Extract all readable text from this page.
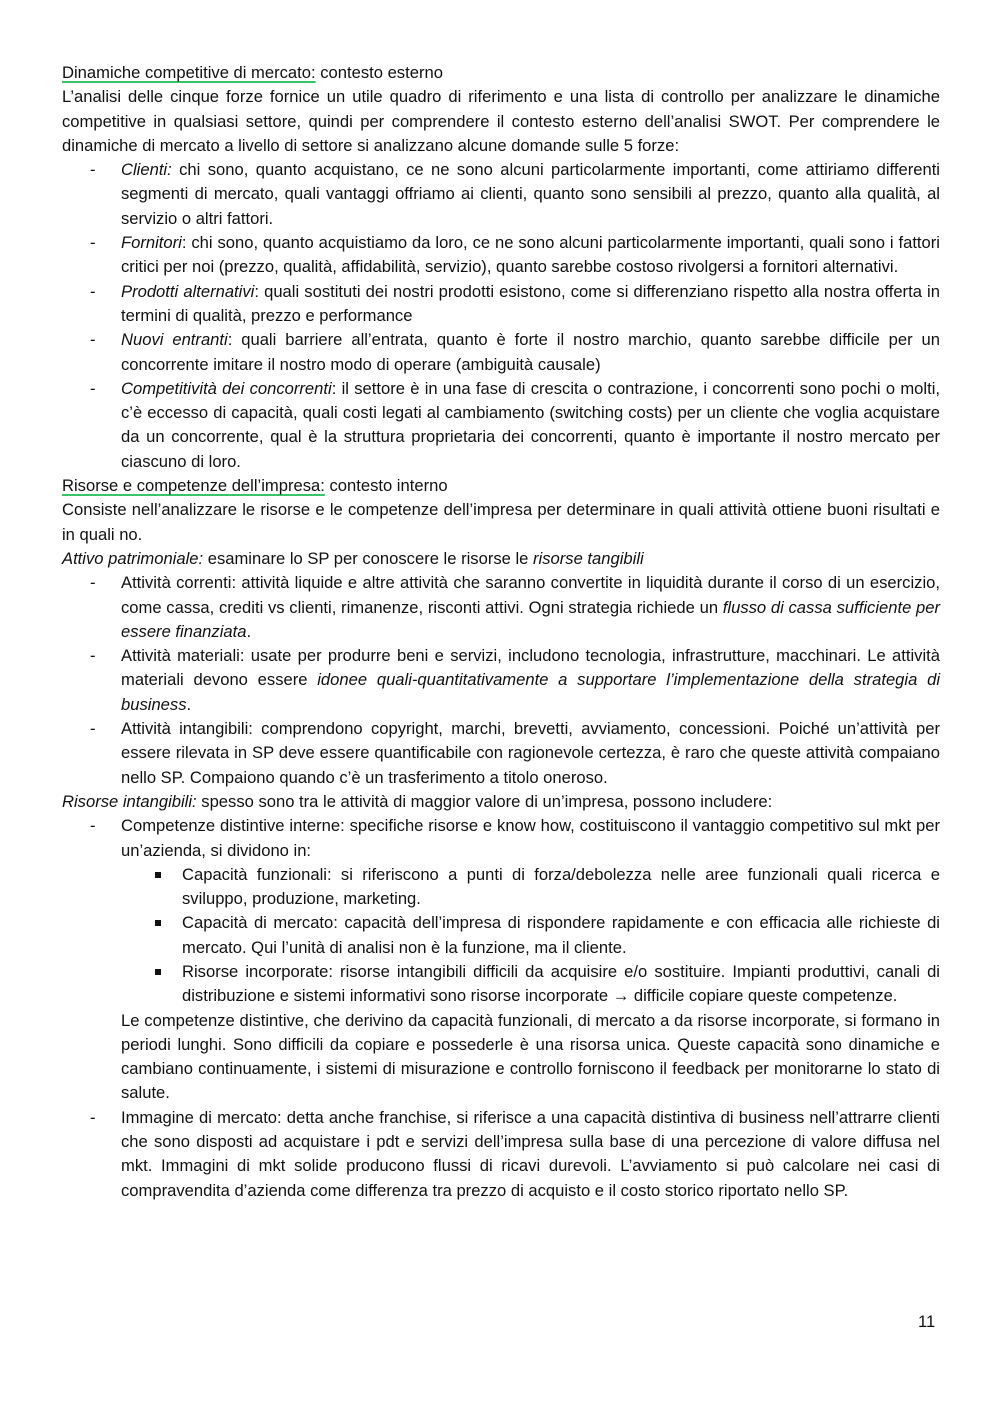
Dinamiche competitive di mercato: contesto esterno

L’analisi delle cinque forze fornice un utile quadro di riferimento e una lista di controllo per analizzare le dinamiche competitive in qualsiasi settore, quindi per comprendere il contesto esterno dell’analisi SWOT. Per comprendere le dinamiche di mercato a livello di settore si analizzano alcune domande sulle 5 forze:

- Clienti: chi sono, quanto acquistano, ce ne sono alcuni particolarmente importanti, come attiriamo differenti segmenti di mercato, quali vantaggi offriamo ai clienti, quanto sono sensibili al prezzo, quanto alla qualità, al servizio o altri fattori.
- Fornitori: chi sono, quanto acquistiamo da loro, ce ne sono alcuni particolarmente importanti, quali sono i fattori critici per noi (prezzo, qualità, affidabilità, servizio), quanto sarebbe costoso rivolgersi a fornitori alternativi.
- Prodotti alternativi: quali sostituti dei nostri prodotti esistono, come si differenziano rispetto alla nostra offerta in termini di qualità, prezzo e performance
- Nuovi entranti: quali barriere all’entrata, quanto è forte il nostro marchio, quanto sarebbe difficile per un concorrente imitare il nostro modo di operare (ambiguità causale)
- Competitività dei concorrenti: il settore è in una fase di crescita o contrazione, i concorrenti sono pochi o molti, c’è eccesso di capacità, quali costi legati al cambiamento (switching costs) per un cliente che voglia acquistare da un concorrente, qual è la struttura proprietaria dei concorrenti, quanto è importante il nostro mercato per ciascuno di loro.

Risorse e competenze dell’impresa: contesto interno

Consiste nell’analizzare le risorse e le competenze dell’impresa per determinare in quali attività ottiene buoni risultati e in quali no.

Attivo patrimoniale: esaminare lo SP per conoscere le risorse le risorse tangibili

- Attività correnti: attività liquide e altre attività che saranno convertite in liquidità durante il corso di un esercizio, come cassa, crediti vs clienti, rimanenze, risconti attivi. Ogni strategia richiede un flusso di cassa sufficiente per essere finanziata.
- Attività materiali: usate per produrre beni e servizi, includono tecnologia, infrastrutture, macchinari. Le attività materiali devono essere idonee quali-quantitativamente a supportare l’implementazione della strategia di business.
- Attività intangibili: comprendono copyright, marchi, brevetti, avviamento, concessioni. Poiché un’attività per essere rilevata in SP deve essere quantificabile con ragionevole certezza, è raro che queste attività compaiano nello SP. Compaiono quando c’è un trasferimento a titolo oneroso.

Risorse intangibili: spesso sono tra le attività di maggior valore di un’impresa, possono includere:

- Competenze distintive interne: specifiche risorse e know how, costituiscono il vantaggio competitivo sul mkt per un’azienda, si dividono in:
Capacità funzionali: si riferiscono a punti di forza/debolezza nelle aree funzionali quali ricerca e sviluppo, produzione, marketing.
Capacità di mercato: capacità dell’impresa di rispondere rapidamente e con efficacia alle richieste di mercato. Qui l’unità di analisi non è la funzione, ma il cliente.
Risorse incorporate: risorse intangibili difficili da acquisire e/o sostituire. Impianti produttivi, canali di distribuzione e sistemi informativi sono risorse incorporate → difficile copiare queste competenze.

Le competenze distintive, che derivino da capacità funzionali, di mercato a da risorse incorporate, si formano in periodi lunghi. Sono difficili da copiare e possederle è una risorsa unica. Queste capacità sono dinamiche e cambiano continuamente, i sistemi di misurazione e controllo forniscono il feedback per monitorarne lo stato di salute.

- Immagine di mercato: detta anche franchise, si riferisce a una capacità distintiva di business nell’attrarre clienti che sono disposti ad acquistare i pdt e servizi dell’impresa sulla base di una percezione di valore diffusa nel mkt. Immagini di mkt solide producono flussi di ricavi durevoli. L’avviamento si può calcolare nei casi di compravendita d’azienda come differenza tra prezzo di acquisto e il costo storico riportato nello SP.
11
